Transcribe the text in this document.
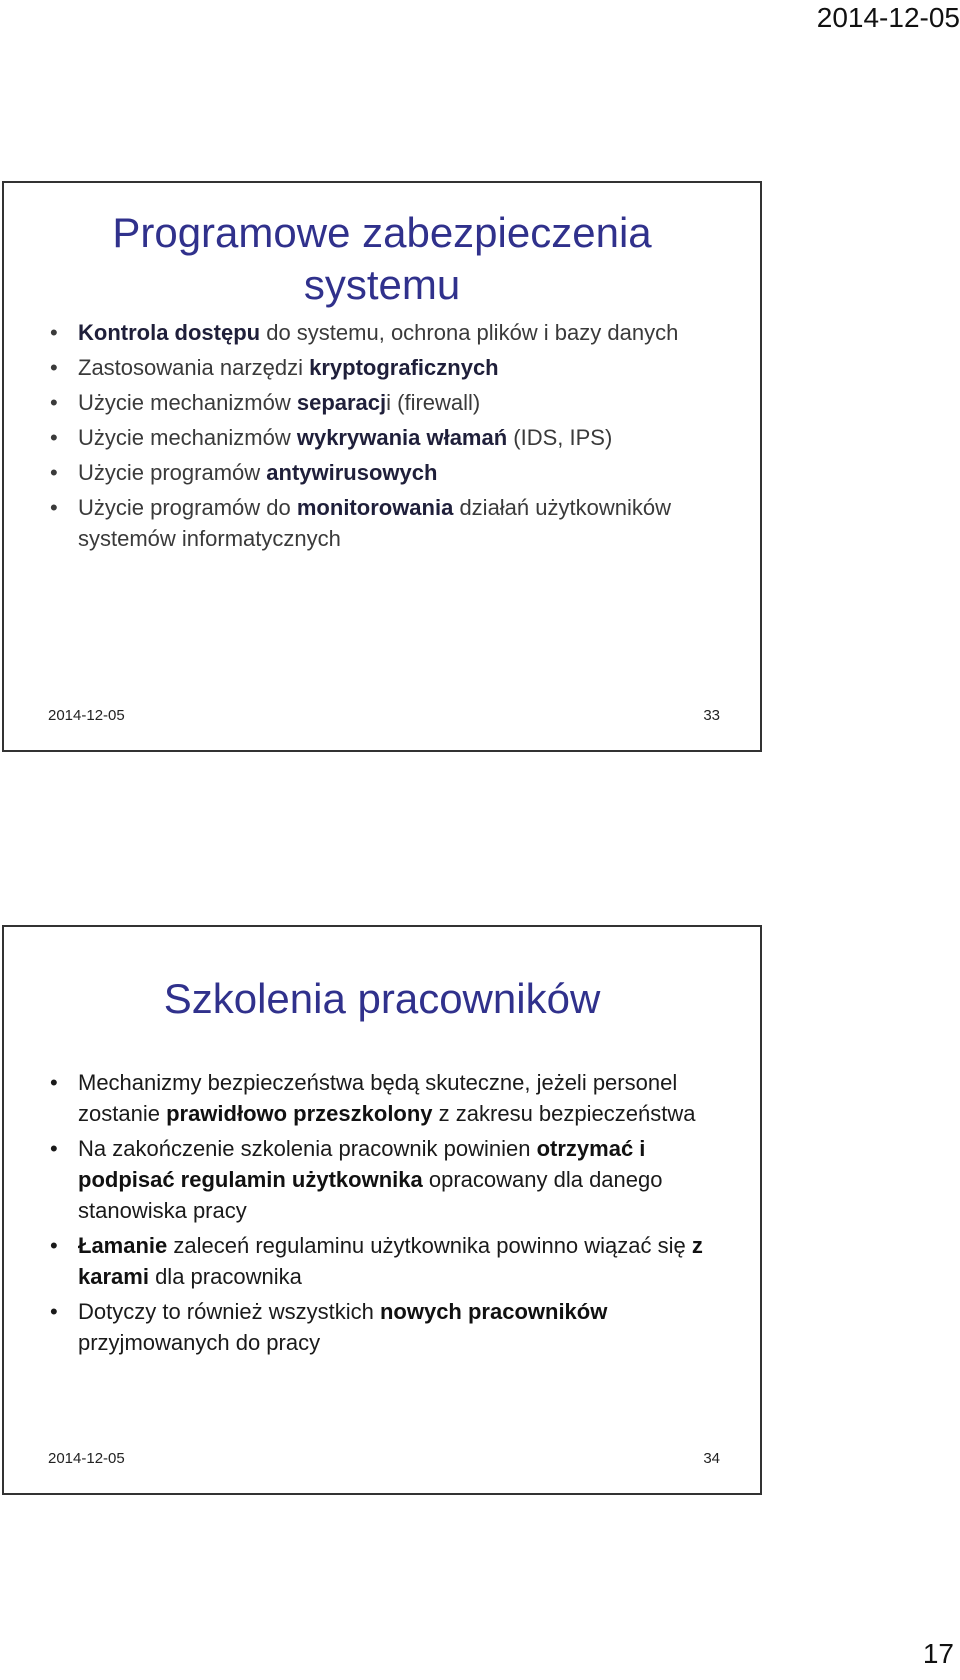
2014-12-05
Programowe zabezpieczenia
systemu
• Kontrola dostępu do systemu, ochrona plików i bazy danych
• Zastosowania narzędzi kryptograficznych
• Użycie mechanizmów separacji (firewall)
• Użycie mechanizmów wykrywania włamań (IDS, IPS)
• Użycie programów antywirusowych
• Użycie programów do monitorowania działań użytkowników systemów informatycznych
2014-12-05	33
Szkolenia pracowników
• Mechanizmy bezpieczeństwa będą skuteczne, jeżeli personel zostanie prawidłowo przeszkolony z zakresu bezpieczeństwa
• Na zakończenie szkolenia pracownik powinien otrzymać i podpisać regulamin użytkownika opracowany dla danego stanowiska pracy
• Łamanie zaleceń regulaminu użytkownika powinno wiązać się z karami dla pracownika
• Dotyczy to również wszystkich nowych pracowników przyjmowanych do pracy
2014-12-05	34
17
